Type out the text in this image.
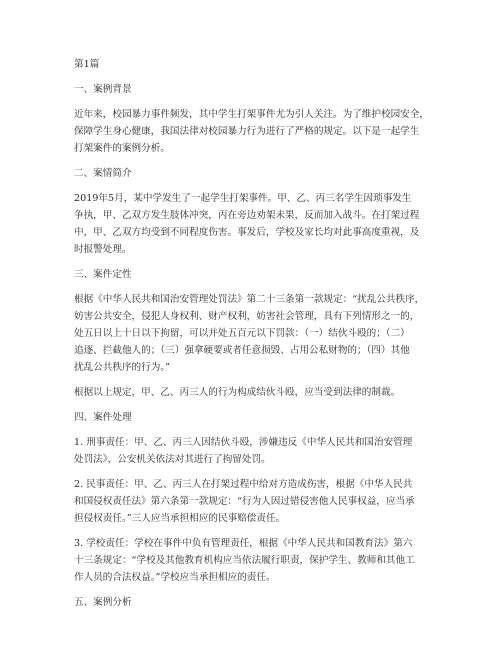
第1篇
一、案例背景
近年来，校园暴力事件频发，其中学生打架事件尤为引人关注。为了维护校园安全，
保障学生身心健康，我国法律对校园暴力行为进行了严格的规定。以下是一起学生
打架案件的案例分析。
二、案情简介
2019年5月，某中学发生了一起学生打架事件。甲、乙、丙三名学生因琐事发生
争执，甲、乙双方发生肢体冲突，丙在旁边劝架未果，反而加入战斗。在打架过程
中，甲、乙双方均受到不同程度伤害。事发后，学校及家长均对此事高度重视，及
时报警处理。
三、案件定性
根据《中华人民共和国治安管理处罚法》第二十三条第一款规定：“扰乱公共秩序，
妨害公共安全，侵犯人身权利、财产权利，妨害社会管理，具有下列情形之一的，
处五日以上十日以下拘留，可以并处五百元以下罚款：（一）结伙斗殴的；（二）
追逐、拦截他人的；（三）强拿硬要或者任意损毁、占用公私财物的；（四）其他
扰乱公共秩序的行为。”
根据以上规定，甲、乙、丙三人的行为构成结伙斗殴，应当受到法律的制裁。
四、案件处理
1. 刑事责任：甲、乙、丙三人因结伙斗殴，涉嫌违反《中华人民共和国治安管理
处罚法》，公安机关依法对其进行了拘留处罚。
2. 民事责任：甲、乙、丙三人在打架过程中给对方造成伤害，根据《中华人民共
和国侵权责任法》第六条第一款规定：“行为人因过错侵害他人民事权益，应当承
担侵权责任。”三人应当承担相应的民事赔偿责任。
3. 学校责任：学校在事件中负有管理责任，根据《中华人民共和国教育法》第六
十三条规定：“学校及其他教育机构应当依法履行职责，保护学生、教师和其他工
作人员的合法权益。”学校应当承担相应的责任。
五、案例分析
